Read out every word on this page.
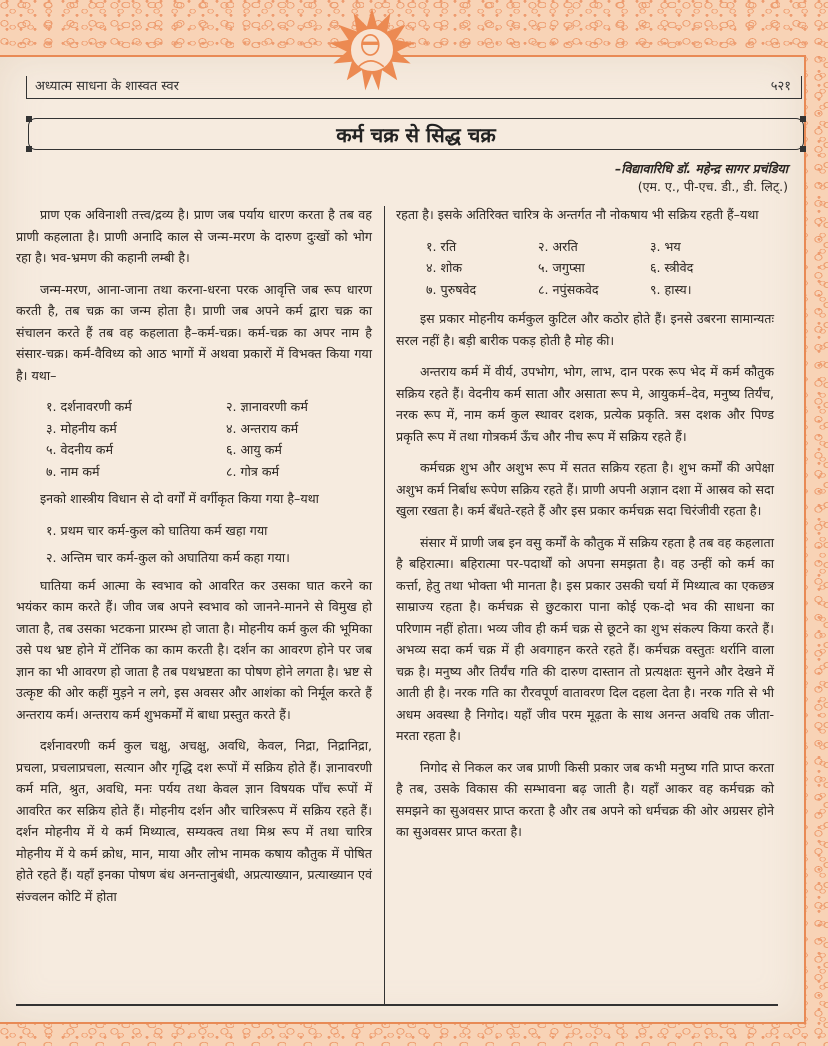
अध्यात्म साधना के शास्वत स्वर	५२१
कर्म चक्र से सिद्ध चक्र
–विद्यावारिधि डॉ. महेन्द्र सागर प्रचंडिया
(एम. ए., पी-एच. डी., डी. लिट्.)

प्राण एक अविनाशी तत्त्व/द्रव्य है। प्राण जब पर्याय धारण करता है तब वह प्राणी कहलाता है। प्राणी अनादि काल से जन्म-मरण के दारुण दुःखों को भोग रहा है। भव-भ्रमण की कहानी लम्बी है।

जन्म-मरण, आना-जाना तथा करना-धरना परक आवृत्ति जब रूप धारण करती है, तब चक्र का जन्म होता है। प्राणी जब अपने कर्म द्वारा चक्र का संचालन करते हैं तब वह कहलाता है–कर्म-चक्र। कर्म-चक्र का अपर नाम है संसार-चक्र। कर्म-वैविध्य को आठ भागों में अथवा प्रकारों में विभक्त किया गया है। यथा–

१. दर्शनावरणी कर्म	२. ज्ञानावरणी कर्म
३. मोहनीय कर्म	४. अन्तराय कर्म
५. वेदनीय कर्म	६. आयु कर्म
७. नाम कर्म	८. गोत्र कर्म

इनको शास्त्रीय विधान से दो वर्गों में वर्गीकृत किया गया है–यथा

१. प्रथम चार कर्म-कुल को घातिया कर्म खहा गया
२. अन्तिम चार कर्म-कुल को अघातिया कर्म कहा गया।

घातिया कर्म आत्मा के स्वभाव को आवरित कर उसका घात करने का भयंकर काम करते हैं। जीव जब अपने स्वभाव को जानने-मानने से विमुख हो जाता है, तब उसका भटकना प्रारम्भ हो जाता है। मोहनीय कर्म कुल की भूमिका उसे पथ भ्रष्ट होने में टॉनिक का काम करती है। दर्शन का आवरण होने पर जब ज्ञान का भी आवरण हो जाता है तब पथभ्रष्टता का पोषण होने लगता है। भ्रष्ट से उत्कृष्ट की ओर कहीं मुड़ने न लगे, इस अवसर और आशंका को निर्मूल करते हैं अन्तराय कर्म। अन्तराय कर्म शुभकर्मों में बाधा प्रस्तुत करते हैं।

दर्शनावरणी कर्म कुल चक्षु, अचक्षु, अवधि, केवल, निद्रा, निद्रानिद्रा, प्रचला, प्रचलाप्रचला, सत्यान और गृद्धि दश रूपों में सक्रिय होते हैं। ज्ञानावरणी कर्म मति, श्रुत, अवधि, मनः पर्यय तथा केवल ज्ञान विषयक पाँच रूपों में आवरित कर सक्रिय होते हैं। मोहनीय दर्शन और चारित्ररूप में सक्रिय रहते हैं। दर्शन मोहनीय में ये कर्म मिथ्यात्व, सम्यक्त्व तथा मिश्र रूप में तथा चारित्र मोहनीय में ये कर्म क्रोध, मान, माया और लोभ नामक कषाय कौतुक में पोषित होते रहते हैं। यहाँ इनका पोषण बंध अनन्तानुबंधी, अप्रत्याख्यान, प्रत्याख्यान एवं संज्वलन कोटि में होता

रहता है। इसके अतिरिक्त चारित्र के अन्तर्गत नौ नोकषाय भी सक्रिय रहती हैं–यथा

१. रति	२. अरति	३. भय
४. शोक	५. जगुप्सा	६. स्त्रीवेद
७. पुरुषवेद	८. नपुंसकवेद	९. हास्य।

इस प्रकार मोहनीय कर्मकुल कुटिल और कठोर होते हैं। इनसे उबरना सामान्यतः सरल नहीं है। बड़ी बारीक पकड़ होती है मोह की।

अन्तराय कर्म में वीर्य, उपभोग, भोग, लाभ, दान परक रूप भेद में कर्म कौतुक सक्रिय रहते हैं। वेदनीय कर्म साता और असाता रूप मे, आयुकर्म–देव, मनुष्य तिर्यंच, नरक रूप में, नाम कर्म कुल स्थावर दशक, प्रत्येक प्रकृति. त्रस दशक और पिण्ड प्रकृति रूप में तथा गोत्रकर्म ऊँच और नीच रूप में सक्रिय रहते हैं।

कर्मचक्र शुभ और अशुभ रूप में सतत सक्रिय रहता है। शुभ कर्मों की अपेक्षा अशुभ कर्म निर्बाध रूपेण सक्रिय रहते हैं। प्राणी अपनी अज्ञान दशा में आस्रव को सदा खुला रखता है। कर्म बँधते-रहते हैं और इस प्रकार कर्मचक्र सदा चिरंजीवी रहता है।

संसार में प्राणी जब इन वसु कर्मों के कौतुक में सक्रिय रहता है तब वह कहलाता है बहिरात्मा। बहिरात्मा पर-पदार्थों को अपना समझता है। वह उन्हीं को कर्म का कर्त्ता, हेतु तथा भोक्ता भी मानता है। इस प्रकार उसकी चर्या में मिथ्यात्व का एकछत्र साम्राज्य रहता है। कर्मचक्र से छुटकारा पाना कोई एक-दो भव की साधना का परिणाम नहीं होता। भव्य जीव ही कर्म चक्र से छूटने का शुभ संकल्प किया करते हैं। अभव्य सदा कर्म चक्र में ही अवगाहन करते रहते हैं। कर्मचक्र वस्तुतः थर्रानि वाला चक्र है। मनुष्य और तिर्यंच गति की दारुण दास्तान तो प्रत्यक्षतः सुनने और देखने में आती ही है। नरक गति का रौरवपूर्ण वातावरण दिल दहला देता है। नरक गति से भी अधम अवस्था है निगोद। यहाँ जीव परम मूढ़ता के साथ अनन्त अवधि तक जीता-मरता रहता है।

निगोद से निकल कर जब प्राणी किसी प्रकार जब कभी मनुष्य गति प्राप्त करता है तब, उसके विकास की सम्भावना बढ़ जाती है। यहाँ आकर वह कर्मचक्र को समझने का सुअवसर प्राप्त करता है और तब अपने को धर्मचक्र की ओर अग्रसर होने का सुअवसर प्राप्त करता है।
